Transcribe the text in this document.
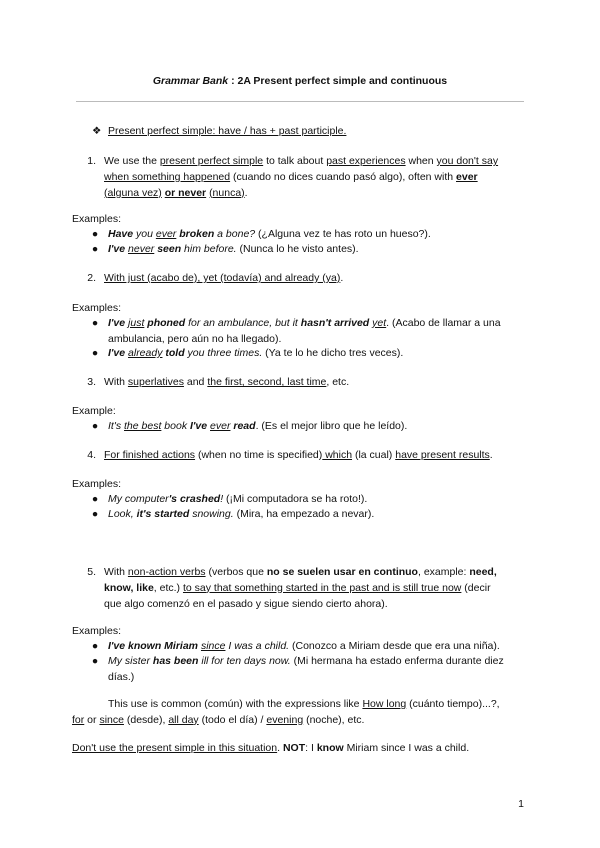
Grammar Bank : 2A Present perfect simple and continuous
❖ Present perfect simple: have / has + past participle.
1. We use the present perfect simple to talk about past experiences when you don't say
when something happened (cuando no dices cuando pasó algo), often with ever
(alguna vez) or never (nunca).
Examples:
● Have you ever broken a bone? (¿Alguna vez te has roto un hueso?).
● I've never seen him before. (Nunca lo he visto antes).
2. With just (acabo de), yet (todavía) and already (ya).
Examples:
● I've just phoned for an ambulance, but it hasn't arrived yet. (Acabo de llamar a una
ambulancia, pero aún no ha llegado).
● I've already told you three times. (Ya te lo he dicho tres veces).
3. With superlatives and the first, second, last time, etc.
Example:
● It's the best book I've ever read. (Es el mejor libro que he leído).
4. For finished actions (when no time is specified) which (la cual) have present results.
Examples:
● My computer's crashed! (¡Mi computadora se ha roto!).
● Look, it's started snowing. (Mira, ha empezado a nevar).
5. With non-action verbs (verbos que no se suelen usar en continuo, example: need,
know, like, etc.) to say that something started in the past and is still true now (decir
que algo comenzó en el pasado y sigue siendo cierto ahora).
Examples:
● I've known Miriam since I was a child. (Conozco a Miriam desde que era una niña).
● My sister has been ill for ten days now. (Mi hermana ha estado enferma durante diez
días.)
This use is common (común) with the expressions like How long (cuánto tiempo)...?,
for or since (desde), all day (todo el día) / evening (noche), etc.
Don't use the present simple in this situation. NOT: I know Miriam since I was a child.
1
